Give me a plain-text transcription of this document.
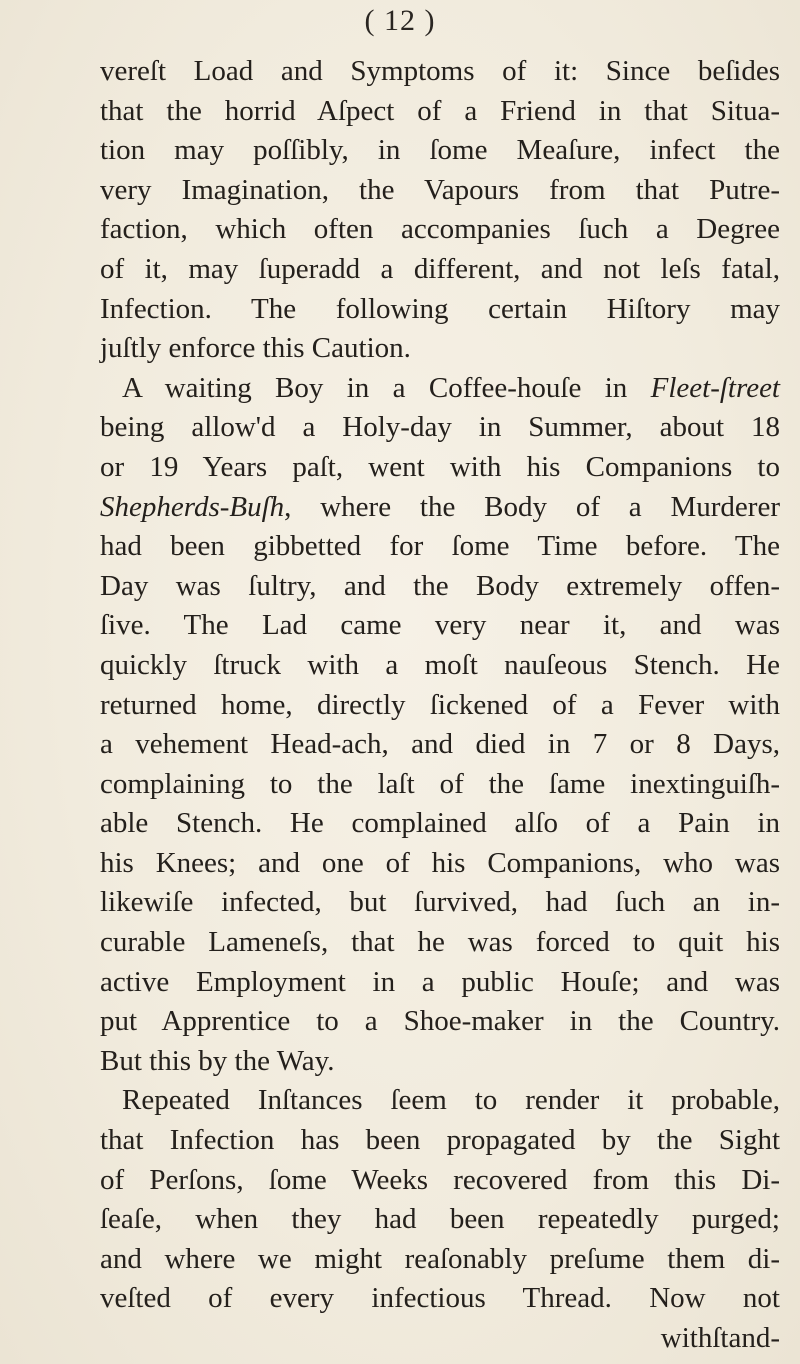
( 12 )
vereſt Load and Symptoms of it: Since beſides
that the horrid Aſpect of a Friend in that Situa-
tion may poſſibly, in ſome Meaſure, infect the
very Imagination, the Vapours from that Putre-
faction, which often accompanies ſuch a Degree
of it, may ſuperadd a different, and not leſs fatal,
Infection. The following certain Hiſtory may
juſtly enforce this Caution.
A waiting Boy in a Coffee-houſe in Fleet-ſtreet
being allow'd a Holy-day in Summer, about 18
or 19 Years paſt, went with his Companions to
Shepherds-Buſh, where the Body of a Murderer
had been gibbetted for ſome Time before. The
Day was ſultry, and the Body extremely offen-
ſive. The Lad came very near it, and was
quickly ſtruck with a moſt nauſeous Stench. He
returned home, directly ſickened of a Fever with
a vehement Head-ach, and died in 7 or 8 Days,
complaining to the laſt of the ſame inextinguiſh-
able Stench. He complained alſo of a Pain in
his Knees; and one of his Companions, who was
likewiſe infected, but ſurvived, had ſuch an in-
curable Lameneſs, that he was forced to quit his
active Employment in a public Houſe; and was
put Apprentice to a Shoe-maker in the Country.
But this by the Way.
Repeated Inſtances ſeem to render it probable,
that Infection has been propagated by the Sight
of Perſons, ſome Weeks recovered from this Di-
ſeaſe, when they had been repeatedly purged;
and where we might reaſonably preſume them di-
veſted of every infectious Thread. Now not
withſtand-
